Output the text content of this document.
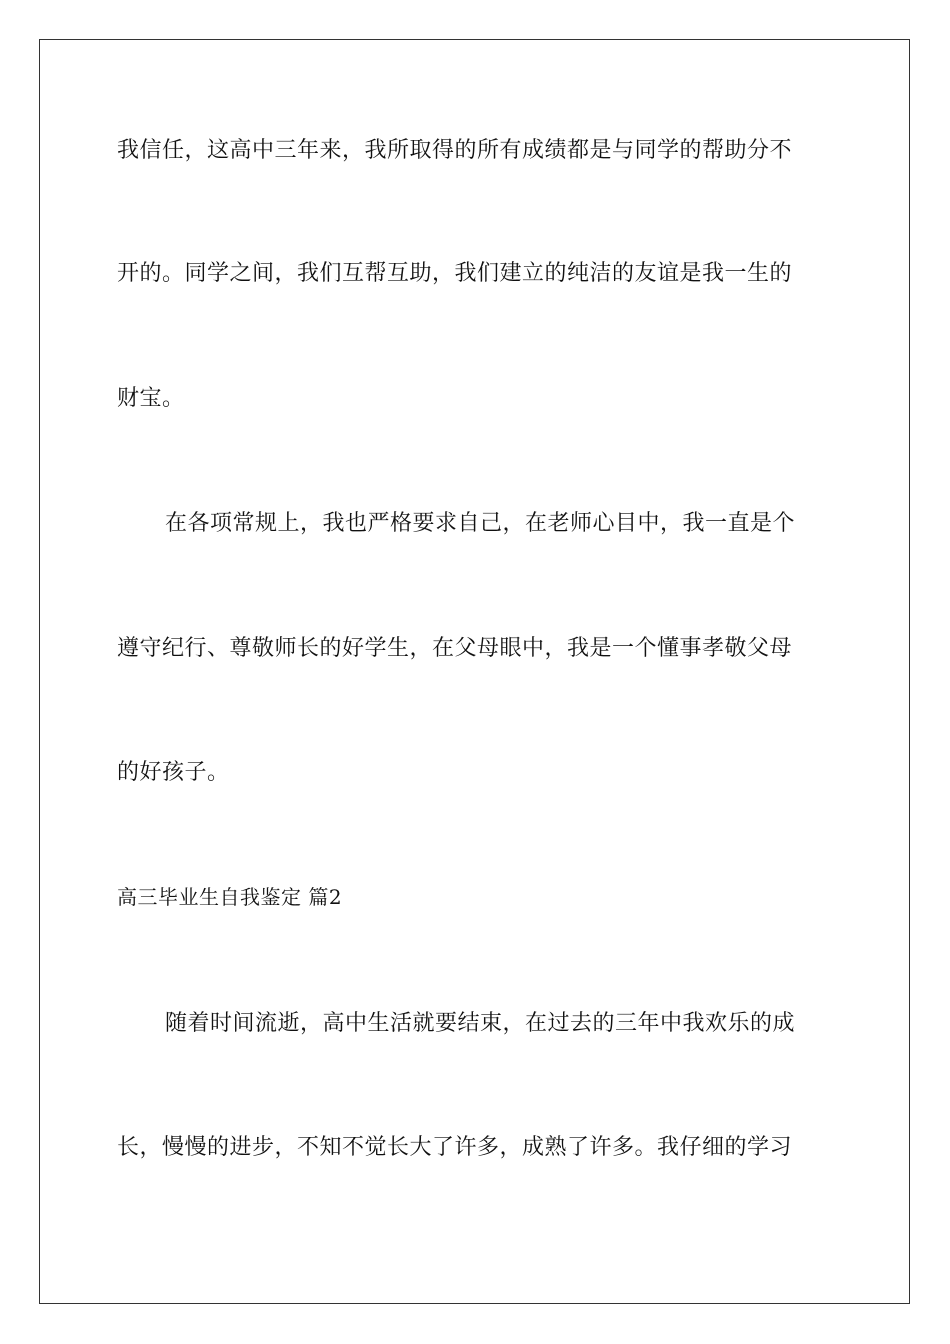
我信任，这高中三年来，我所取得的所有成绩都是与同学的帮助分不
开的。同学之间，我们互帮互助，我们建立的纯洁的友谊是我一生的
财宝。
在各项常规上，我也严格要求自己，在老师心目中，我一直是个
遵守纪行、尊敬师长的好学生，在父母眼中，我是一个懂事孝敬父母
的好孩子。
高三毕业生自我鉴定 篇2
随着时间流逝，高中生活就要结束，在过去的三年中我欢乐的成
长，慢慢的进步，不知不觉长大了许多，成熟了许多。我仔细的学习
